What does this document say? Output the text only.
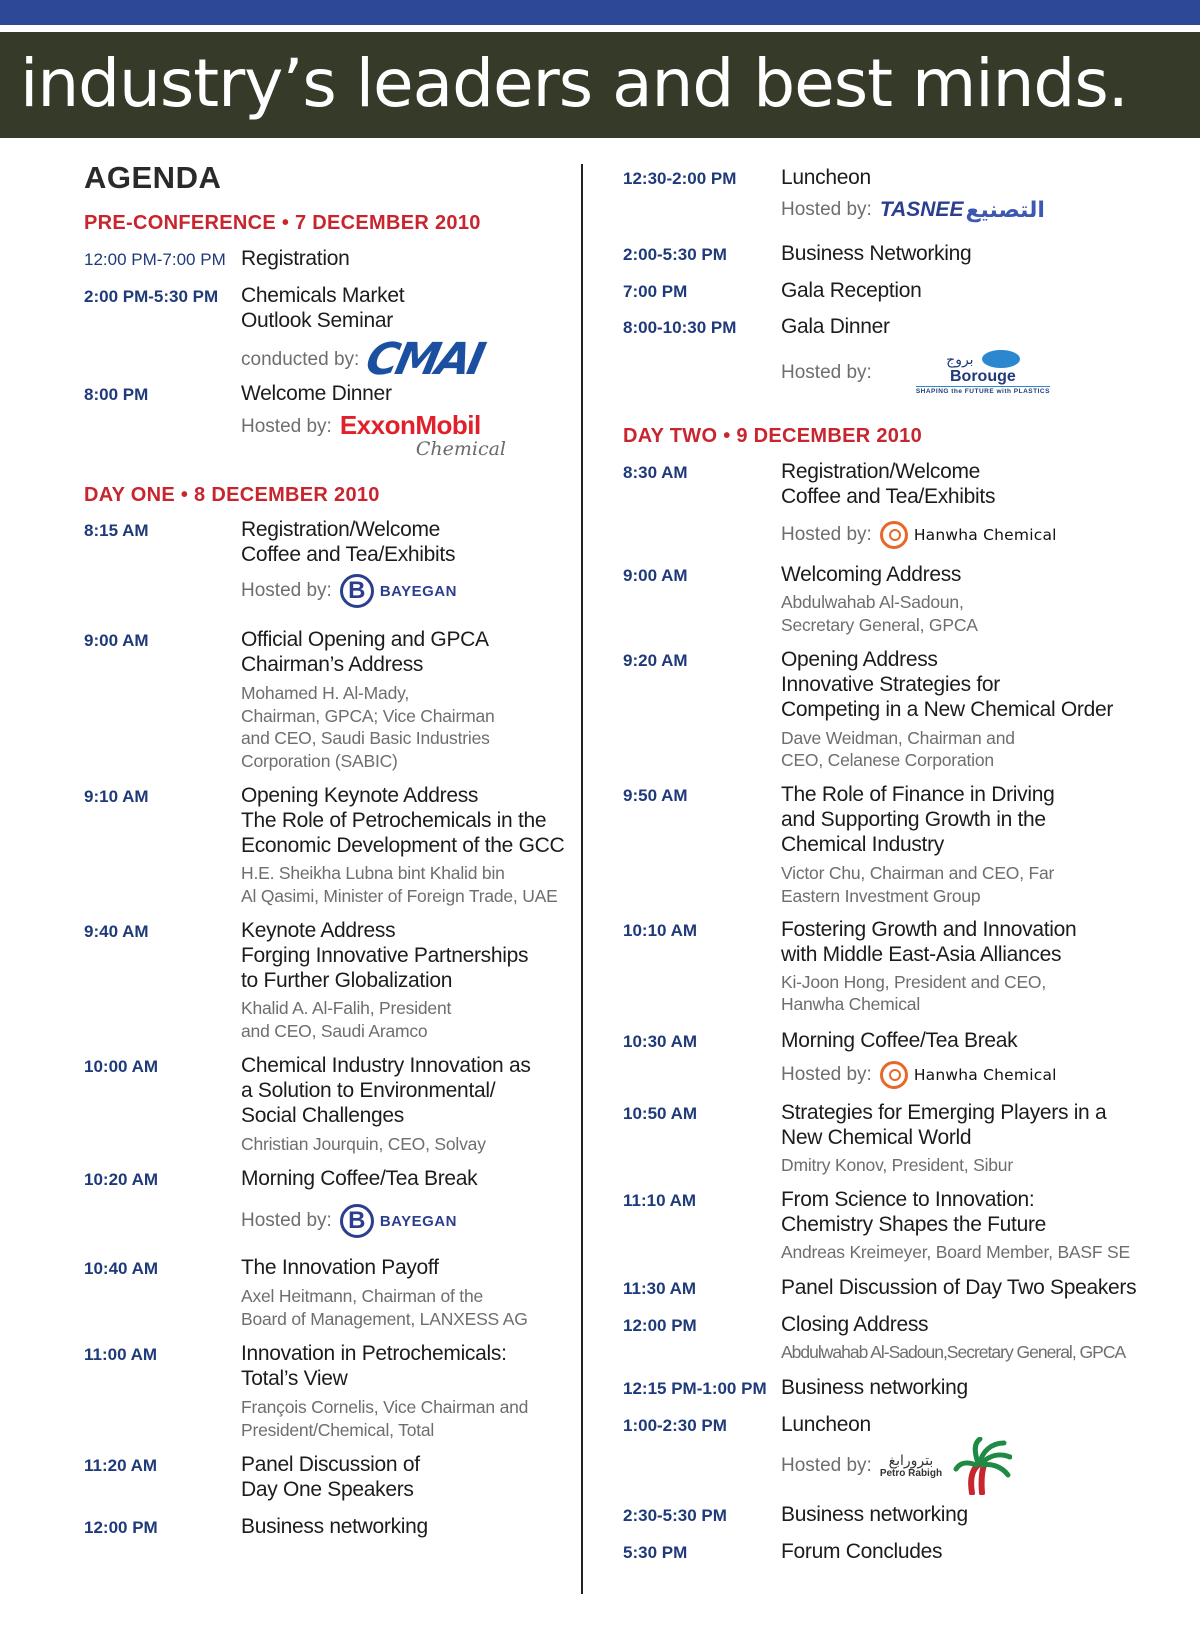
industry’s leaders and best minds.
AGENDA
PRE-CONFERENCE • 7 DECEMBER 2010
12:00 PM-7:00 PM Registration
2:00 PM-5:30 PM Chemicals Market
Outlook Seminar
conducted by: CMAI
8:00 PM	Welcome Dinner
Hosted by: ExxonMobil
Chemical
DAY ONE • 8 DECEMBER 2010
8:15 AM	Registration/Welcome
Coffee and Tea/Exhibits
Hosted by: B BAYEGAN
9:00 AM	Official Opening and GPCA
Chairman’s Address
Mohamed H. Al-Mady,
Chairman, GPCA; Vice Chairman
and CEO, Saudi Basic Industries
Corporation (SABIC)
9:10 AM	Opening Keynote Address
The Role of Petrochemicals in the
Economic Development of the GCC
H.E. Sheikha Lubna bint Khalid bin
Al Qasimi, Minister of Foreign Trade, UAE
9:40 AM	Keynote Address
Forging Innovative Partnerships
to Further Globalization
Khalid A. Al-Falih, President
and CEO, Saudi Aramco
10:00 AM	Chemical Industry Innovation as
a Solution to Environmental/
Social Challenges
Christian Jourquin, CEO, Solvay
10:20 AM	Morning Coffee/Tea Break
Hosted by: B BAYEGAN
10:40 AM	The Innovation Payoff
Axel Heitmann, Chairman of the
Board of Management, LANXESS AG
11:00 AM	Innovation in Petrochemicals:
Total’s View
François Cornelis, Vice Chairman and
President/Chemical, Total
11:20 AM	Panel Discussion of
Day One Speakers
12:00 PM	Business networking
12:30-2:00 PM Luncheon
Hosted by: TASNEE التصنيع
2:00-5:30 PM	Business Networking
7:00 PM	Gala Reception
8:00-10:30 PM Gala Dinner
Hosted by:
بروج
Borouge
SHAPING the FUTURE with PLASTICS
DAY TWO • 9 DECEMBER 2010
8:30 AM	Registration/Welcome
Coffee and Tea/Exhibits
Hosted by:	Hanwha Chemical
9:00 AM	Welcoming Address
Abdulwahab Al-Sadoun,
Secretary General, GPCA
9:20 AM	Opening Address
Innovative Strategies for
Competing in a New Chemical Order
Dave Weidman, Chairman and
CEO, Celanese Corporation
9:50 AM	The Role of Finance in Driving
and Supporting Growth in the
Chemical Industry
Victor Chu, Chairman and CEO, Far
Eastern Investment Group
10:10 AM	Fostering Growth and Innovation
with Middle East-Asia Alliances
Ki-Joon Hong, President and CEO,
Hanwha Chemical
10:30 AM	Morning Coffee/Tea Break
Hosted by:	Hanwha Chemical
10:50 AM	Strategies for Emerging Players in a
New Chemical World
Dmitry Konov, President, Sibur
11:10 AM	From Science to Innovation:
Chemistry Shapes the Future
Andreas Kreimeyer, Board Member, BASF SE
11:30 AM	Panel Discussion of Day Two Speakers
12:00 PM	Closing Address
Abdulwahab Al-Sadoun,Secretary General, GPCA
12:15 PM-1:00 PM Business networking
1:00-2:30 PM	Luncheon
Hosted by: بترورابغ
Petro Rabigh
2:30-5:30 PM	Business networking
5:30 PM	Forum Concludes
